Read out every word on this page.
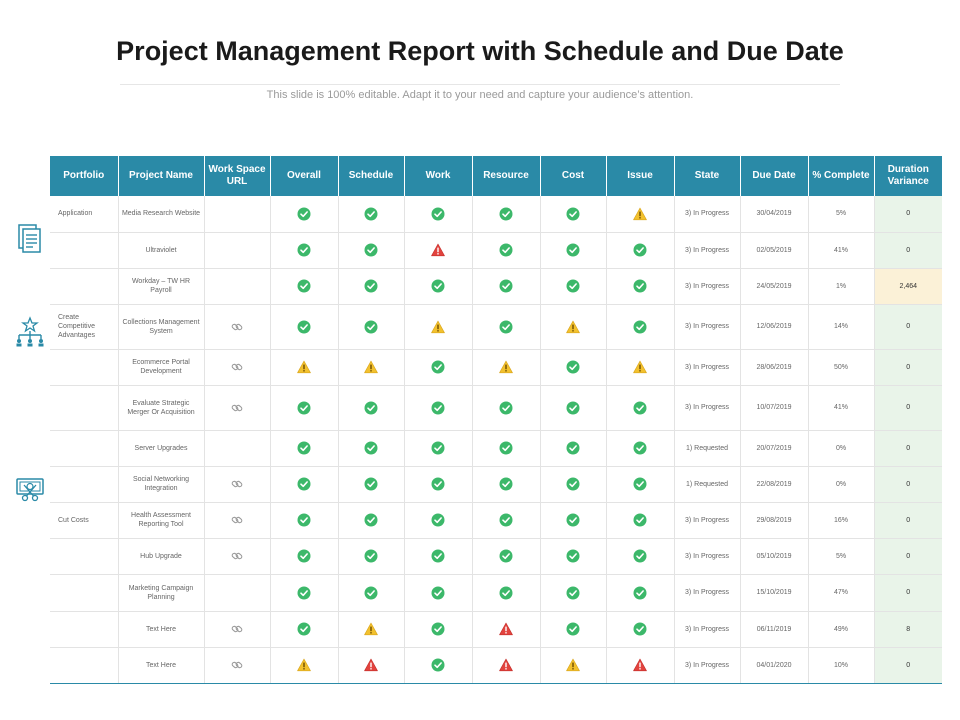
Project Management Report with Schedule and Due Date
This slide is 100% editable. Adapt it to your need and capture your audience’s attention.
Portfolio	Project Name	Work Space URL	Overall	Schedule	Work	Resource	Cost	Issue	State	Due Date	% Complete	Duration Variance
Application	Media Research Website								3) In Progress	30/04/2019	5%	0
	Ultraviolet								3) In Progress	02/05/2019	41%	0
	Workday – TW HR Payroll								3) In Progress	24/05/2019	1%	2,464
Create Competitive Advantages	Collections Management System								3) In Progress	12/06/2019	14%	0
	Ecommerce Portal Development								3) In Progress	28/06/2019	50%	0
	Evaluate Strategic Merger Or Acquisition								3) In Progress	10/07/2019	41%	0
	Server Upgrades								1) Requested	20/07/2019	0%	0
	Social Networking Integration								1) Requested	22/08/2019	0%	0
Cut Costs	Health Assessment Reporting Tool								3) In Progress	29/08/2019	16%	0
	Hub Upgrade								3) In Progress	05/10/2019	5%	0
	Marketing Campaign Planning								3) In Progress	15/10/2019	47%	0
	Text Here								3) In Progress	06/11/2019	49%	8
	Text Here								3) In Progress	04/01/2020	10%	0
